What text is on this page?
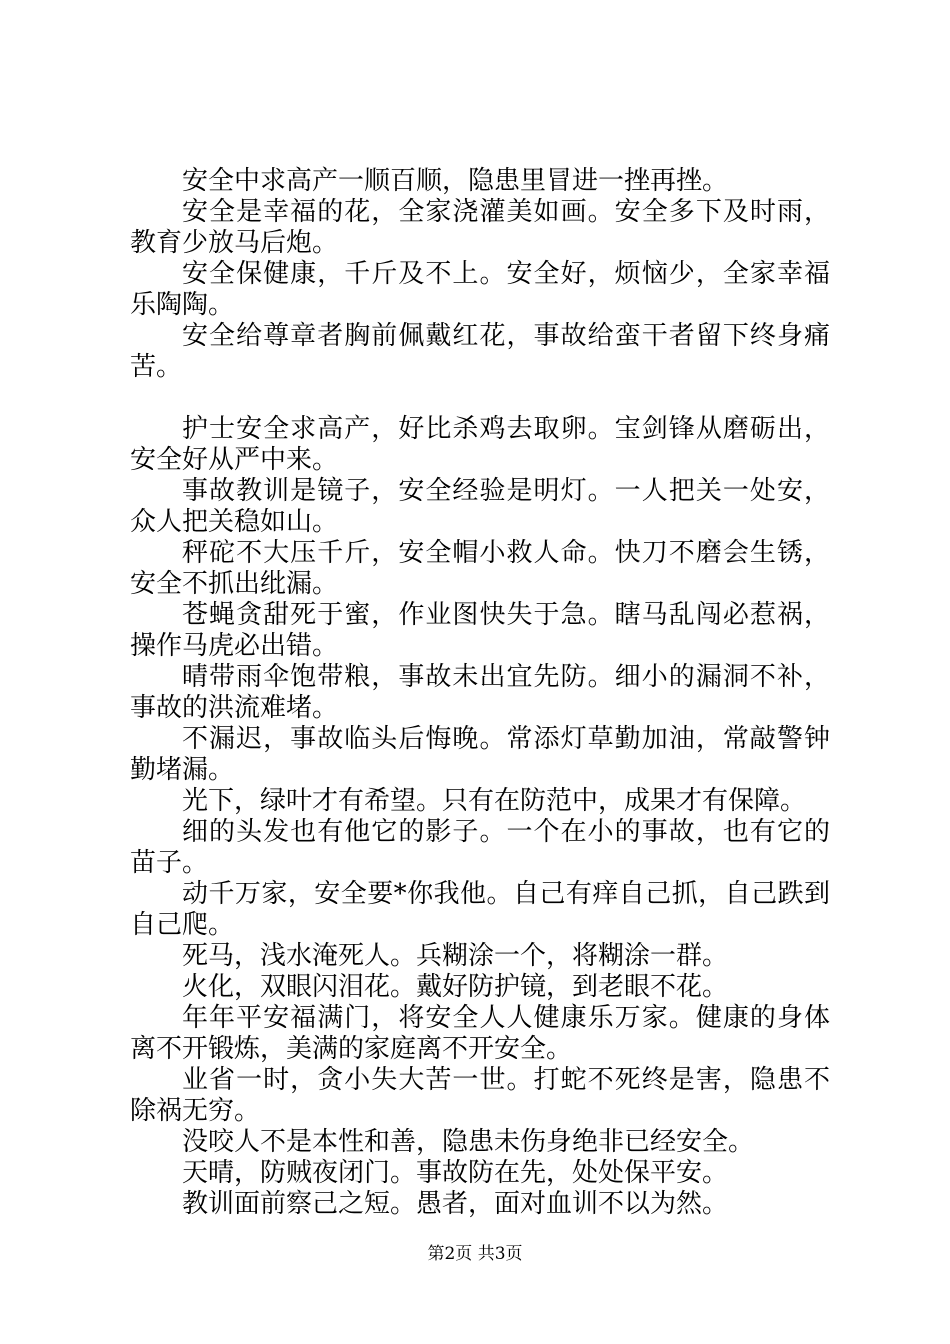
安全中求高产一顺百顺，隐患里冒进一挫再挫。

安全是幸福的花，全家浇灌美如画。安全多下及时雨，教育少放马后炮。

安全保健康，千斤及不上。安全好，烦恼少，全家幸福乐陶陶。

安全给尊章者胸前佩戴红花，事故给蛮干者留下终身痛苦。

护士安全求高产，好比杀鸡去取卵。宝剑锋从磨砺出，安全好从严中来。

事故教训是镜子，安全经验是明灯。一人把关一处安，众人把关稳如山。

秤砣不大压千斤，安全帽小救人命。快刀不磨会生锈，安全不抓出纰漏。

苍蝇贪甜死于蜜，作业图快失于急。瞎马乱闯必惹祸，操作马虎必出错。

晴带雨伞饱带粮，事故未出宜先防。细小的漏洞不补，事故的洪流难堵。

不漏迟，事故临头后悔晚。常添灯草勤加油，常敲警钟勤堵漏。

光下，绿叶才有希望。只有在防范中，成果才有保障。

细的头发也有他它的影子。一个在小的事故，也有它的苗子。

动千万家，安全要*你我他。自己有痒自己抓，自己跌到自己爬。

死马，浅水淹死人。兵糊涂一个，将糊涂一群。

火化，双眼闪泪花。戴好防护镜，到老眼不花。

年年平安福满门，将安全人人健康乐万家。健康的身体离不开锻炼，美满的家庭离不开安全。

业省一时，贪小失大苦一世。打蛇不死终是害，隐患不除祸无穷。

没咬人不是本性和善，隐患未伤身绝非已经安全。

天晴，防贼夜闭门。事故防在先，处处保平安。

教训面前察己之短。愚者，面对血训不以为然。

第2页 共3页
